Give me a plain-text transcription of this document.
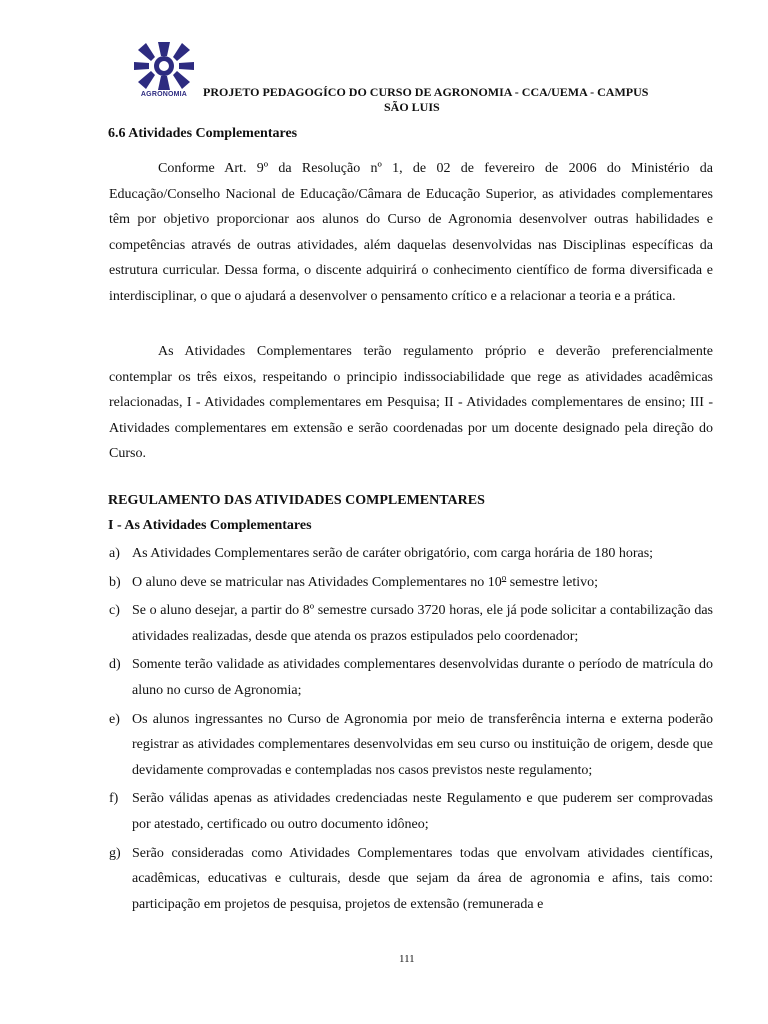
AGRONOMIA	PROJETO PEDAGOGÍCO DO CURSO DE AGRONOMIA - CCA/UEMA - CAMPUS
SÃO LUIS
6.6 Atividades Complementares

Conforme Art. 9º da Resolução nº 1, de 02 de fevereiro de 2006 do Ministério da Educação/Conselho Nacional de Educação/Câmara de Educação Superior, as atividades complementares têm por objetivo proporcionar aos alunos do Curso de Agronomia desenvolver outras habilidades e competências através de outras atividades, além daquelas desenvolvidas nas Disciplinas específicas da estrutura curricular. Dessa forma, o discente adquirirá o conhecimento científico de forma diversificada e interdisciplinar, o que o ajudará a desenvolver o pensamento crítico e a relacionar a teoria e a prática.

As Atividades Complementares terão regulamento próprio e deverão preferencialmente contemplar os três eixos, respeitando o principio indissociabilidade que rege as atividades acadêmicas relacionadas, I - Atividades complementares em Pesquisa; II - Atividades complementares de ensino; III - Atividades complementares em extensão e serão coordenadas por um docente designado pela direção do Curso.

REGULAMENTO DAS ATIVIDADES COMPLEMENTARES
I - As Atividades Complementares
a) As Atividades Complementares serão de caráter obrigatório, com carga horária de 180 horas;
b) O aluno deve se matricular nas Atividades Complementares no 10$^o$ semestre letivo;
c) Se o aluno desejar, a partir do 8º semestre cursado 3720 horas, ele já pode solicitar a contabilização das atividades realizadas, desde que atenda os prazos estipulados pelo coordenador;
d) Somente terão validade as atividades complementares desenvolvidas durante o período de matrícula do aluno no curso de Agronomia;
e) Os alunos ingressantes no Curso de Agronomia por meio de transferência interna e externa poderão registrar as atividades complementares desenvolvidas em seu curso ou instituição de origem, desde que devidamente comprovadas e contempladas nos casos previstos neste regulamento;
f) Serão válidas apenas as atividades credenciadas neste Regulamento e que puderem ser comprovadas por atestado, certificado ou outro documento idôneo;
g) Serão consideradas como Atividades Complementares todas que envolvam atividades científicas, acadêmicas, educativas e culturais, desde que sejam da área de agronomia e afins, tais como: participação em projetos de pesquisa, projetos de extensão (remunerada e
111
